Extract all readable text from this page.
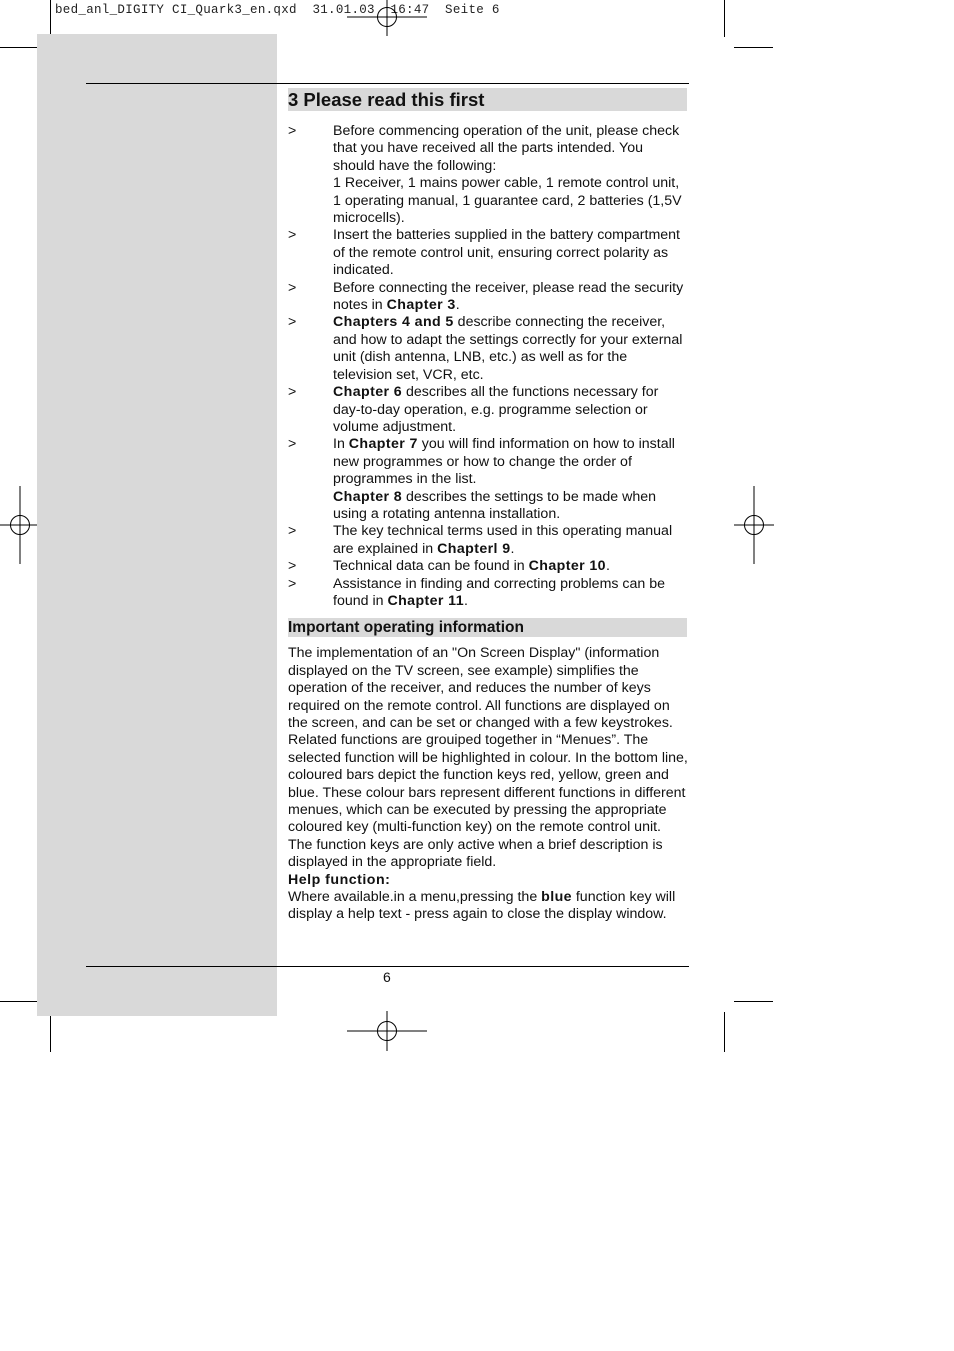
bed_anl_DIGITY CI_Quark3_en.qxd  31.01.03  16:47  Seite 6
3 Please read this first
>	Before commencing operation of the unit, please check that you have received all the parts intended. You should have the following:
1 Receiver, 1 mains power cable, 1 remote control unit,
1 operating manual, 1 guarantee card, 2 batteries (1,5V microcells).
>	Insert the batteries supplied in the battery compartment of the remote control unit, ensuring correct polarity as indicated.
>	Before connecting the receiver, please read the security notes in Chapter 3.

>	Chapters 4 and 5 describe connecting the receiver, and how to adapt the settings correctly for your external unit (dish antenna, LNB, etc.) as well as for the television set, VCR, etc.

>	Chapter 6 describes all the functions necessary for day-to-day operation, e.g. programme selection or volume adjustment.

>	In Chapter 7 you will find information on how to install new programmes or how to change the order of programmes in the list.

Chapter 8 describes the settings to be made when using a rotating antenna installation.

>	The key technical terms used in this operating manual are explained in Chapterl 9.

>	Technical data can be found in Chapter 10.

>	Assistance in finding and correcting problems can be found in Chapter 11.

Important operating information

The implementation of an "On Screen Display" (information displayed on the TV screen, see example) simplifies the operation of the receiver, and reduces the number of keys required on the remote control. All functions are displayed on the screen, and can be set or changed with a few keystrokes. Related functions are grouiped together in “Menues”. The selected function will be highlighted in colour. In the bottom line, coloured bars depict the function keys red, yellow, green and blue. These colour bars represent different functions in different menues, which can be executed by pressing the appropriate coloured key (multi-function key) on the remote control unit. The function keys are only active when a brief description is displayed in the appropriate field.

Help function:

Where available.in a menu,pressing the blue function key will display a help text - press again to close the display window.

6
